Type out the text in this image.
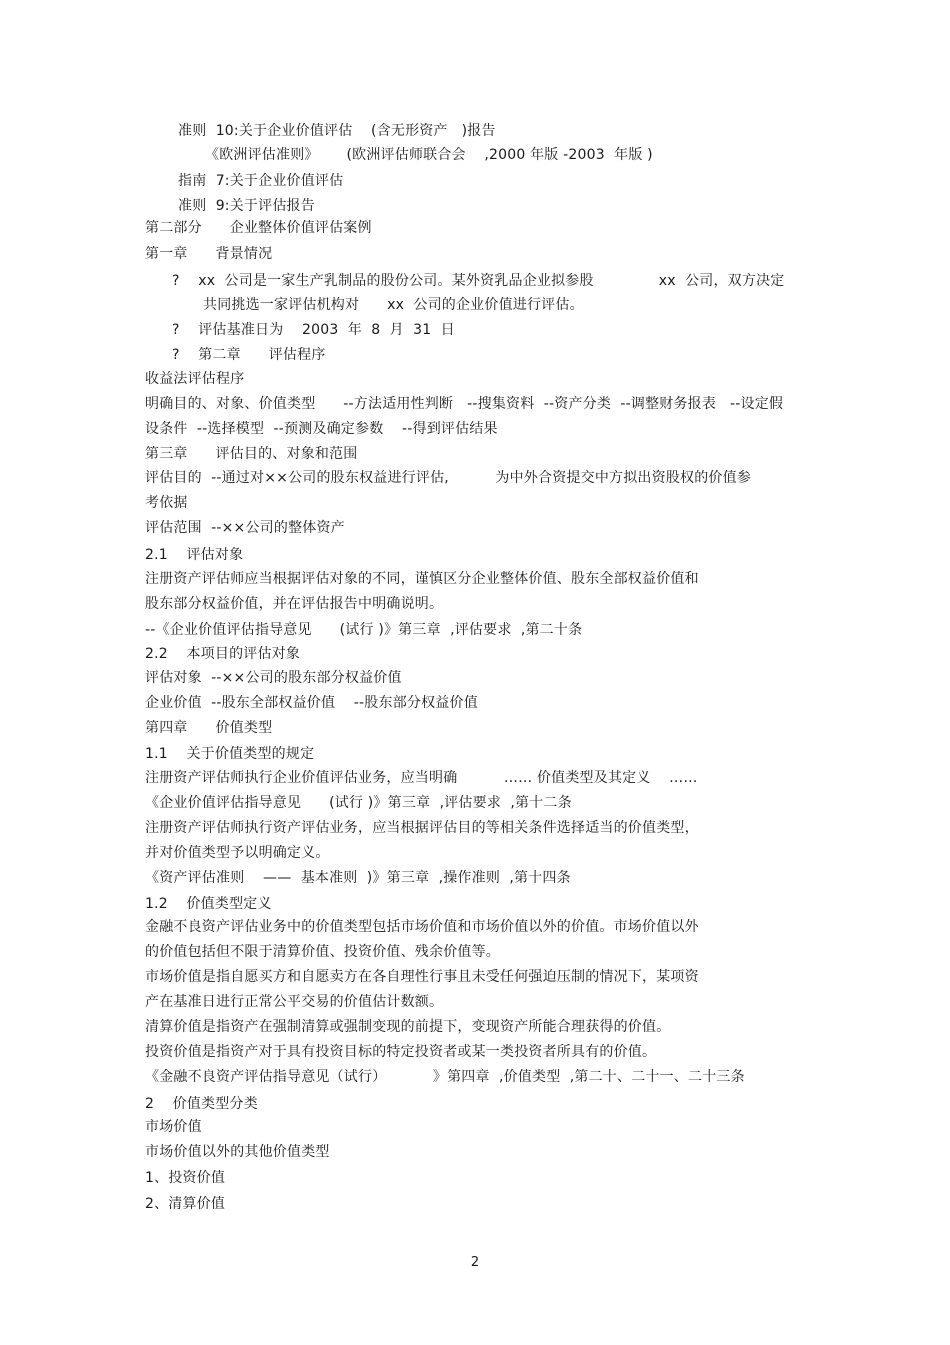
准则  10:关于企业价值评估    (含无形资产   )报告
《欧洲评估准则》      (欧洲评估师联合会    ,2000 年版 -2003  年版 )
指南  7:关于企业价值评估
准则  9:关于评估报告
第二部分      企业整体价值评估案例
第一章      背景情况
?    xx  公司是一家生产乳制品的股份公司。某外资乳品企业拟参股              xx  公司，双方决定
共同挑选一家评估机构对      xx  公司的企业价值进行评估。
?    评估基准日为    2003  年  8  月  31  日
?    第二章      评估程序
收益法评估程序
明确目的、对象、价值类型      --方法适用性判断   --搜集资料  --资产分类  --调整财务报表   --设定假
设条件  --选择模型  --预测及确定参数    --得到评估结果
第三章      评估目的、对象和范围
评估目的  --通过对××公司的股东权益进行评估,          为中外合资提交中方拟出资股权的价值参
考依据
评估范围  --××公司的整体资产
2.1    评估对象
注册资产评估师应当根据评估对象的不同，谨慎区分企业整体价值、股东全部权益价值和
股东部分权益价值，并在评估报告中明确说明。
--《企业价值评估指导意见      (试行 )》第三章  ,评估要求  ,第二十条
2.2    本项目的评估对象
评估对象  --××公司的股东部分权益价值
企业价值  --股东全部权益价值    --股东部分权益价值
第四章      价值类型
1.1    关于价值类型的规定
注册资产评估师执行企业价值评估业务，应当明确          …… 价值类型及其定义    ……
《企业价值评估指导意见      (试行 )》第三章  ,评估要求  ,第十二条
注册资产评估师执行资产评估业务，应当根据评估目的等相关条件选择适当的价值类型，
并对价值类型予以明确定义。
《资产评估准则    ——  基本准则  )》第三章  ,操作准则  ,第十四条
1.2    价值类型定义
金融不良资产评估业务中的价值类型包括市场价值和市场价值以外的价值。市场价值以外
的价值包括但不限于清算价值、投资价值、残余价值等。
市场价值是指自愿买方和自愿卖方在各自理性行事且未受任何强迫压制的情况下，某项资
产在基准日进行正常公平交易的价值估计数额。
清算价值是指资产在强制清算或强制变现的前提下，变现资产所能合理获得的价值。
投资价值是指资产对于具有投资目标的特定投资者或某一类投资者所具有的价值。
《金融不良资产评估指导意见（试行）          》第四章  ,价值类型  ,第二十、二十一、二十三条
2    价值类型分类
市场价值
市场价值以外的其他价值类型
1、投资价值
2、清算价值
2
